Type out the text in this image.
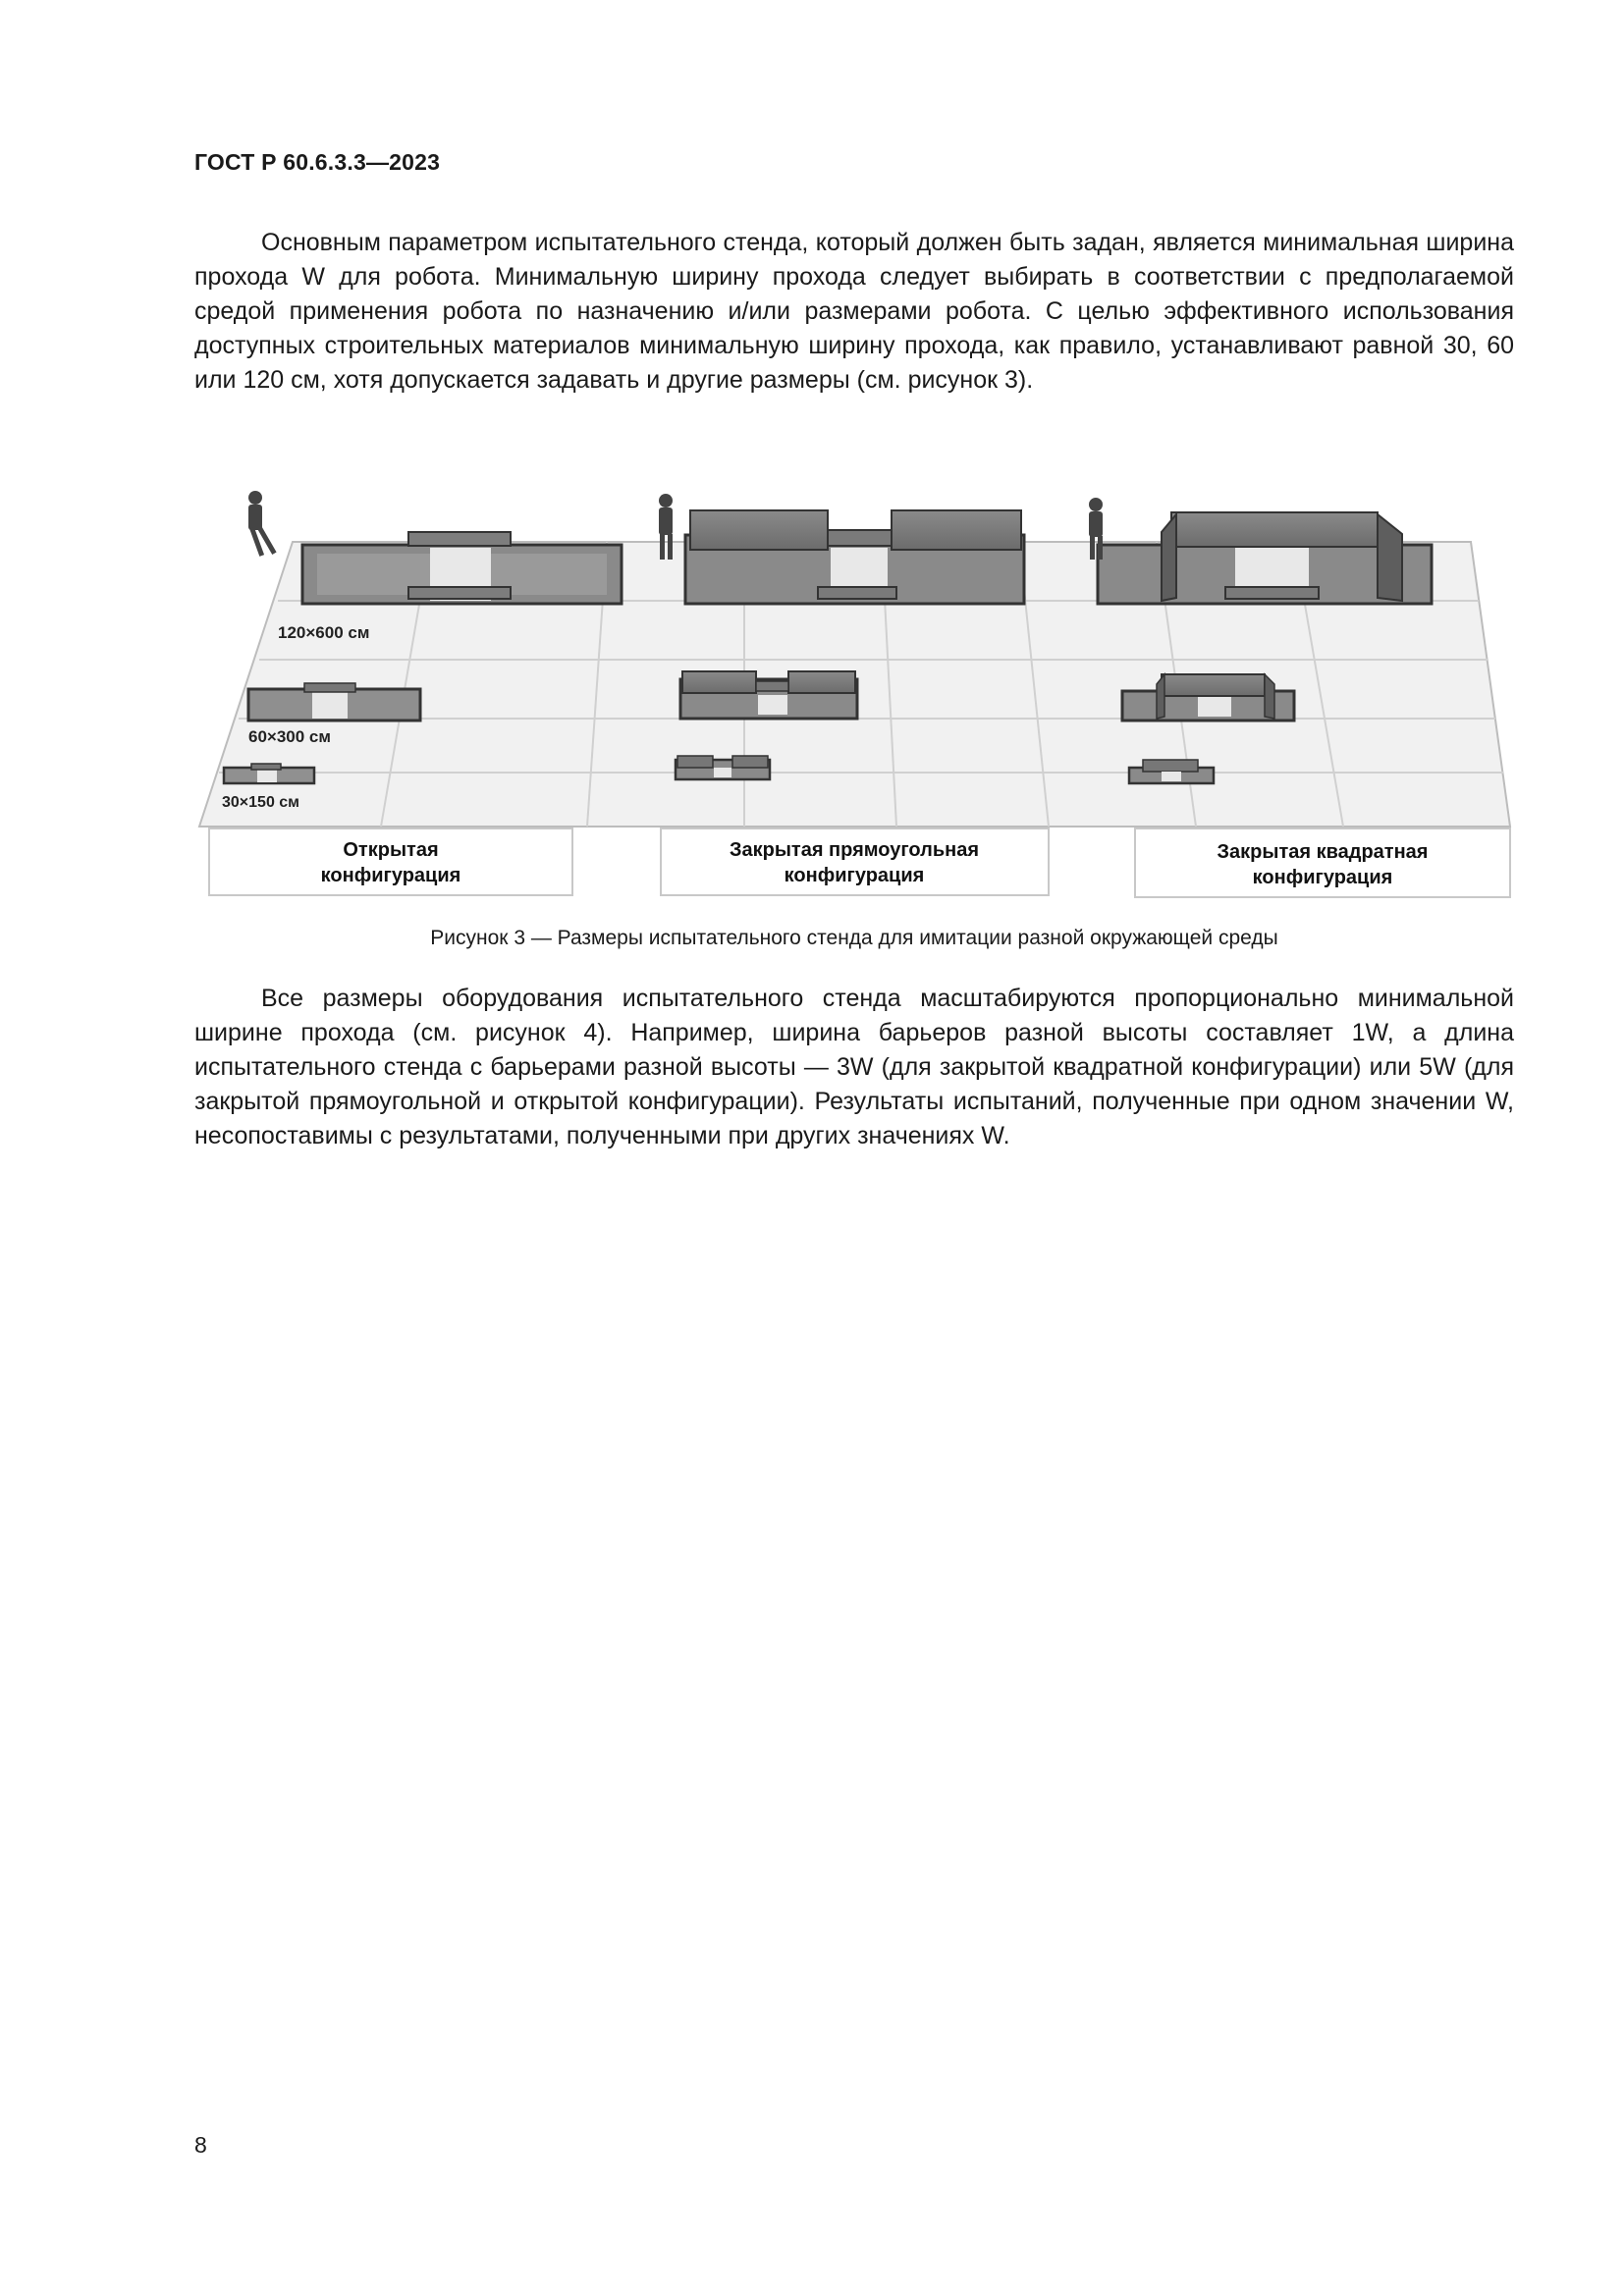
ГОСТ Р 60.6.3.3—2023

Основным параметром испытательного стенда, который должен быть задан, является минимальная ширина прохода W для робота. Минимальную ширину прохода следует выбирать в соответствии с предполагаемой средой применения робота по назначению и/или размерами робота. С целью эффективного использования доступных строительных материалов минимальную ширину прохода, как правило, устанавливают равной 30, 60 или 120 см, хотя допускается задавать и другие размеры (см. рисунок 3).

120×600 см
60×300 см
30×150 см
Открытая
конфигурация
Закрытая прямоугольная
конфигурация
Закрытая квадратная
конфигурация
Рисунок 3 — Размеры испытательного стенда для имитации разной окружающей среды

Все размеры оборудования испытательного стенда масштабируются пропорционально минимальной ширине прохода (см. рисунок 4). Например, ширина барьеров разной высоты составляет 1W, а длина испытательного стенда с барьерами разной высоты — 3W (для закрытой квадратной конфигурации) или 5W (для закрытой прямоугольной и открытой конфигурации). Результаты испытаний, полученные при одном значении W, несопоставимы с результатами, полученными при других значениях W.

8
